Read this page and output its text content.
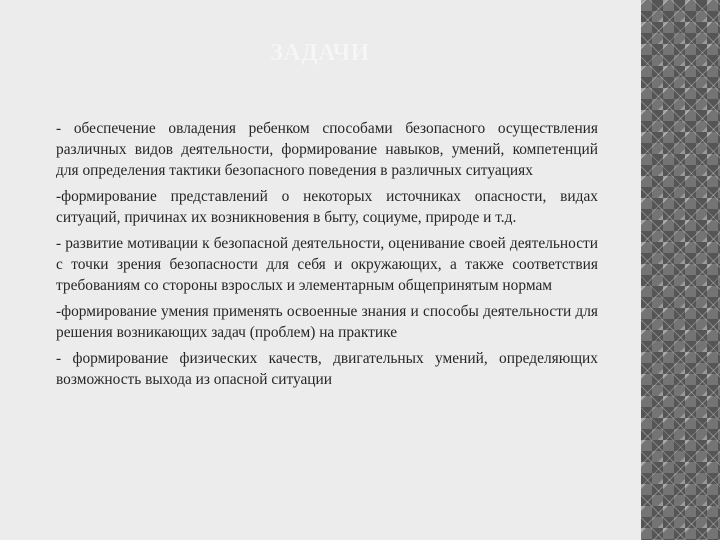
ЗАДАЧИ

- обеспечение овладения ребенком способами безопасного осуществления различных видов деятельности, формирование навыков, умений, компетенций для определения тактики безопасного поведения в различных ситуациях

-формирование представлений о некоторых источниках опасности, видах ситуаций, причинах их возникновения в быту, социуме, природе и т.д.

- развитие мотивации к безопасной деятельности, оценивание своей деятельности с точки зрения безопасности для себя и окружающих, а также соответствия требованиям со стороны взрослых и элементарным общепринятым нормам

-формирование умения применять освоенные знания и способы деятельности для решения возникающих задач (проблем) на практике

- формирование физических качеств, двигательных умений, определяющих возможность выхода из опасной ситуации
